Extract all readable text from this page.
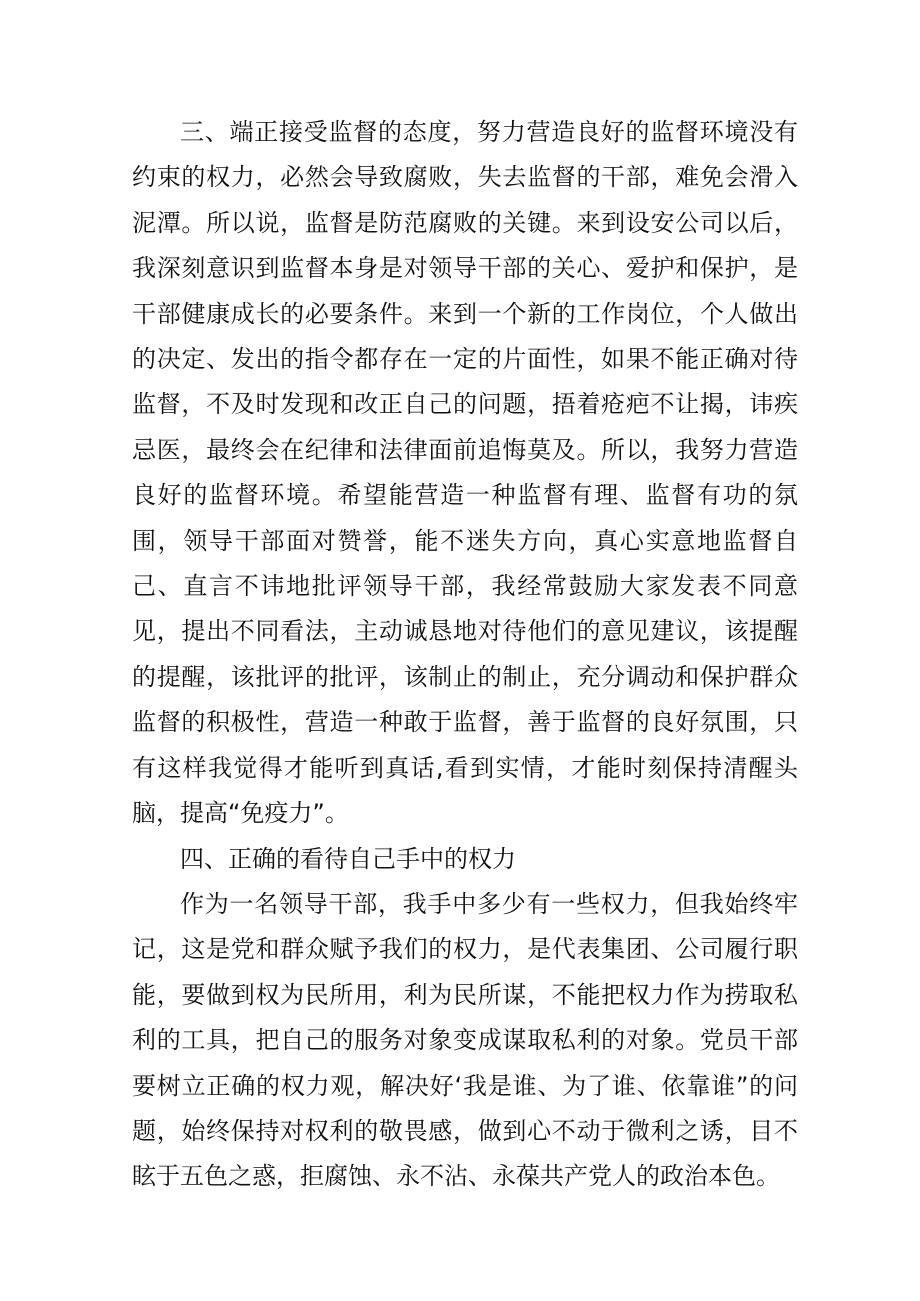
三、端正接受监督的态度，努力营造良好的监督环境没有约束的权力，必然会导致腐败，失去监督的干部，难免会滑入泥潭。所以说，监督是防范腐败的关键。来到设安公司以后，我深刻意识到监督本身是对领导干部的关心、爱护和保护，是干部健康成长的必要条件。来到一个新的工作岗位，个人做出的决定、发出的指令都存在一定的片面性，如果不能正确对待监督，不及时发现和改正自己的问题，捂着疮疤不让揭，讳疾忌医，最终会在纪律和法律面前追悔莫及。所以，我努力营造良好的监督环境。希望能营造一种监督有理、监督有功的氛围，领导干部面对赞誉，能不迷失方向，真心实意地监督自己、直言不讳地批评领导干部，我经常鼓励大家发表不同意见，提出不同看法，主动诚恳地对待他们的意见建议，该提醒的提醒，该批评的批评，该制止的制止，充分调动和保护群众监督的积极性，营造一种敢于监督，善于监督的良好氛围，只有这样我觉得才能听到真话,看到实情，才能时刻保持清醒头脑，提高“免疫力”。

四、正确的看待自己手中的权力

作为一名领导干部，我手中多少有一些权力，但我始终牢记，这是党和群众赋予我们的权力，是代表集团、公司履行职能，要做到权为民所用，利为民所谋，不能把权力作为捞取私利的工具，把自己的服务对象变成谋取私利的对象。党员干部要树立正确的权力观，解决好‘我是谁、为了谁、依靠谁”的问题，始终保持对权利的敬畏感，做到心不动于微利之诱，目不眩于五色之惑，拒腐蚀、永不沾、永葆共产党人的政治本色。
